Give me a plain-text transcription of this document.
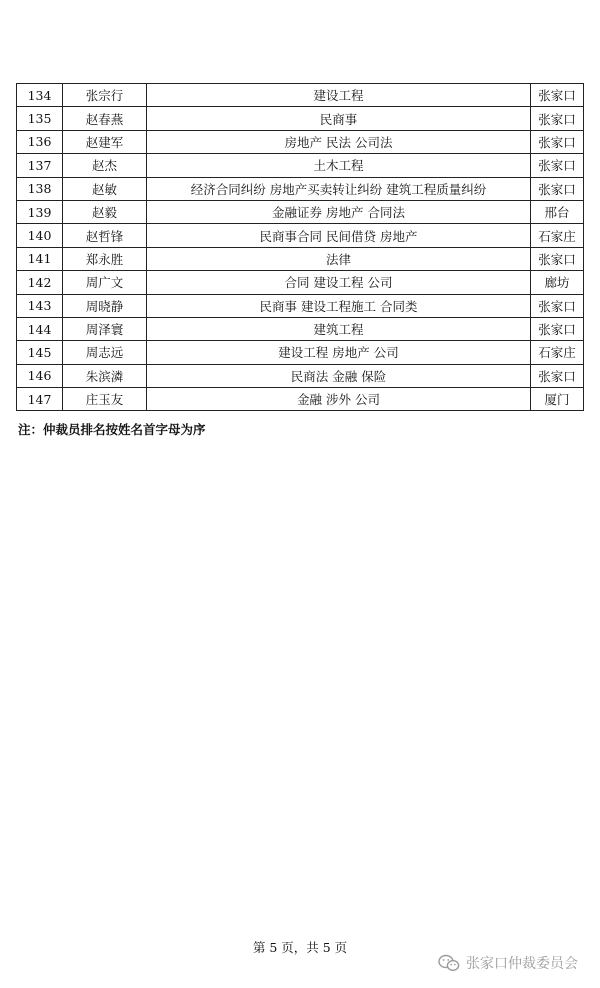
134	张宗行	建设工程	张家口
135	赵春燕	民商事	张家口
136	赵建军	房地产 民法 公司法	张家口
137	赵杰	土木工程	张家口
138	赵敏	经济合同纠纷 房地产买卖转让纠纷 建筑工程质量纠纷	张家口
139	赵毅	金融证券 房地产 合同法	邢台
140	赵哲锋	民商事合同 民间借贷 房地产	石家庄
141	郑永胜	法律	张家口
142	周广文	合同 建设工程 公司	廊坊
143	周晓静	民商事 建设工程施工 合同类	张家口
144	周泽寰	建筑工程	张家口
145	周志远	建设工程 房地产 公司	石家庄
146	朱滨潾	民商法 金融 保险	张家口
147	庄玉友	金融 涉外 公司	厦门
注：仲裁员排名按姓名首字母为序
第 5 页，共 5 页
张家口仲裁委员会
